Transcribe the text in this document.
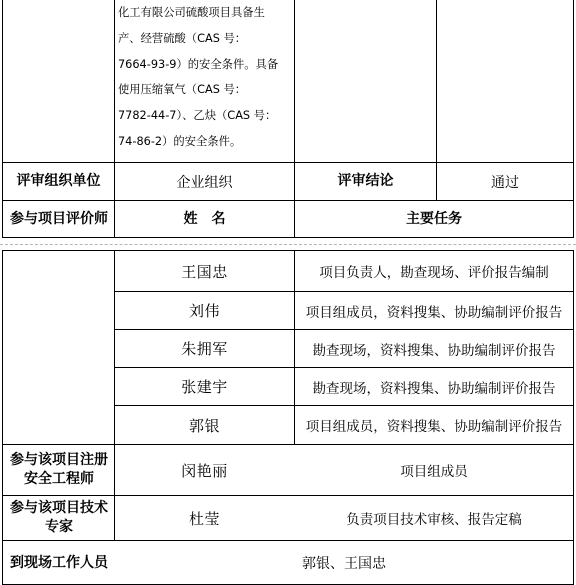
化工有限公司硫酸项目具备生
产、经营硫酸（CAS 号：
7664-93-9）的安全条件。具备
使用压缩氧气（CAS 号：
7782-44-7）、乙炔（CAS 号：
74-86-2）的安全条件。
评审组织单位	企业组织	评审结论	通过
参与项目评价师	姓　名	主要任务
王国忠	项目负责人，勘查现场、评价报告编制
刘伟	项目组成员，资料搜集、协助编制评价报告
朱拥军	勘查现场，资料搜集、协助编制评价报告
张建宇	勘查现场，资料搜集、协助编制评价报告
郭银	项目组成员，资料搜集、协助编制评价报告
参与该项目注册安全工程师	闵艳丽	项目组成员
参与该项目技术专家	杜莹	负责项目技术审核、报告定稿
到现场工作人员	郭银、王国忠
